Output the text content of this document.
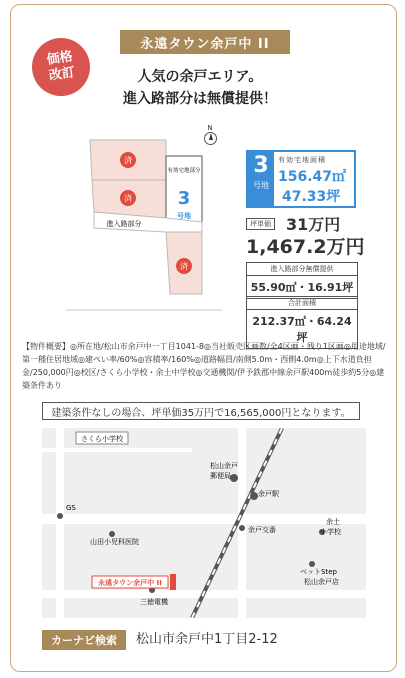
永遠タウン余戸中 II
価格
改訂	人気の余戸エリア。
進入路部分は無償提供！
済
済
済
有効宅地部分
3
号地
進入路部分
N
3
号地
有効宅地面積
156.47㎡
47.33坪
坪単価 31万円
1,467.2万円
進入路部分無償提供
55.90㎡・16.91坪
合計面積
212.37㎡・64.24坪
【物件概要】◎所在地/松山市余戸中一丁目1041-8◎当社販売区画数/全4区画・残り1区画◎用途地域/第一種住居地域◎建ぺい率/60%◎容積率/160%◎道路幅員/南側5.0m・西側4.0m◎上下水道負担金/250,000円◎校区/さくら小学校・余土中学校◎交通機関/伊予鉄郡中線余戸駅400m徒歩約5分◎建築条件あり
建築条件なしの場合、坪単価35万円で16,565,000円となります。
永遠タウン余戸中 II
さくら小学校
松山余戸
郵便局
余戸駅
GS
余戸交番
山田小児科医院
余土
小学校
ベットStep
松山余戸店
三徳電機
カーナビ検索	松山市余戸中1丁目2-12
